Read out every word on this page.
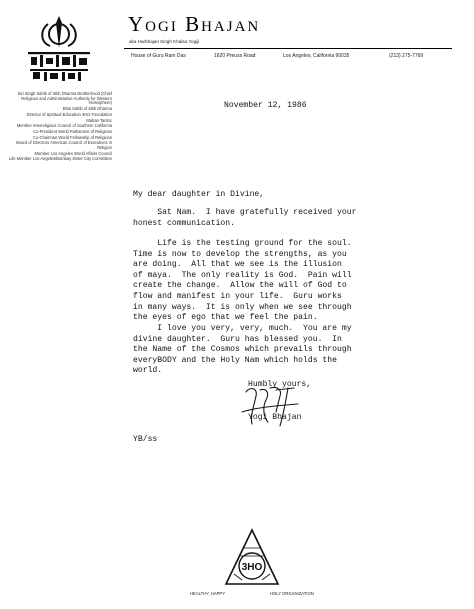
Yogi Bhajan
aka Harbhajan Singh Khalsa Yogiji
House of Guru Ram Das	1620 Preuss Road	Los Angeles, California 90035	(213) 275-7769
Siri Singh Sahib of Sikh Dharma Brotherhood (Chief Religious and Administrative Authority for Western Hemisphere)
Bhai Sahib of Sikh Dharma
Director of Spiritual Education 3HO Foundation
Mahan Tantric
Member Interreligious Council of Southern California
Co-President World Parliament of Religions
Co-Chairman World Fellowship of Religions
Board of Directors American Council of Executives in Religion
Member Los Angeles World Affairs Council
Life Member Los Angeles/Bombay Sister City Committee
November 12, 1986
My dear daughter in Divine,
Sat Nam.  I have gratefully received your
honest communication.
Life is the testing ground for the soul.
Time is now to develop the strengths, as you
are doing.  All that we see is the illusion
of maya.  The only reality is God.  Pain will
create the change.  Allow the will of God to
flow and manifest in your life.  Guru works
in many ways.  It is only when we see through
the eyes of ego that we feel the pain.
I love you very, very, much.  You are my
divine daughter.  Guru has blessed you.  In
the Name of the Cosmos which prevails through
everyBODY and the Holy Nam which holds the
world.
Humbly yours,
Yogi Bhajan
YB/ss
3HO
HEALTHY, HAPPY	HOLY ORGANIZATION
